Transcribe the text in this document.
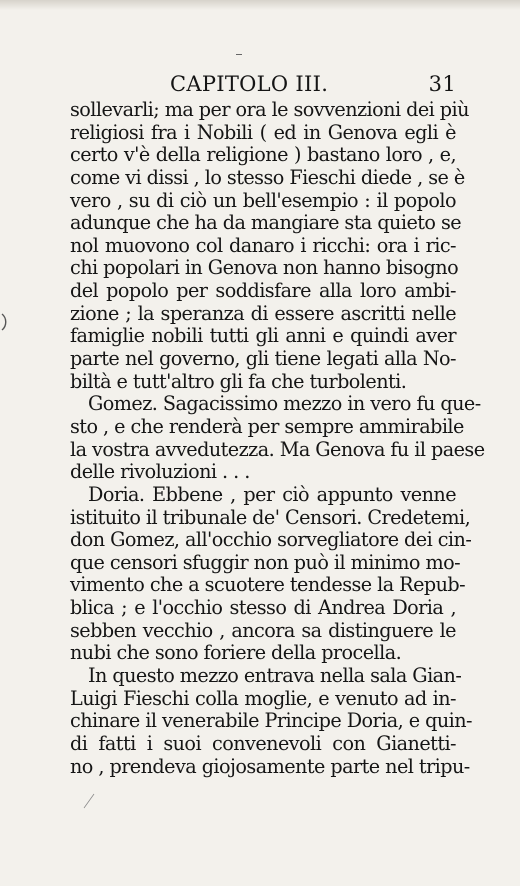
CAPITOLO III.	31
sollevarli; ma per ora le sovvenzioni dei più
religiosi fra i Nobili ( ed in Genova egli è
certo v'è della religione ) bastano loro , e,
come vi dissi , lo stesso Fieschi diede , se è
vero , su di ciò un bell'esempio : il popolo
adunque che ha da mangiare sta quieto se
nol muovono col danaro i ricchi: ora i ric-
chi popolari in Genova non hanno bisogno
del popolo per soddisfare alla loro ambi-
zione ; la speranza di essere ascritti nelle
famiglie nobili tutti gli anni e quindi aver
parte nel governo, gli tiene legati alla No-
biltà e tutt'altro gli fa che turbolenti.
Gomez. Sagacissimo mezzo in vero fu que-
sto , e che renderà per sempre ammirabile
la vostra avvedutezza. Ma Genova fu il paese
delle rivoluzioni . . .
Doria. Ebbene , per ciò appunto venne
istituito il tribunale de' Censori. Credetemi,
don Gomez, all'occhio sorvegliatore dei cin-
que censori sfuggir non può il minimo mo-
vimento che a scuotere tendesse la Repub-
blica ; e l'occhio stesso di Andrea Doria ,
sebben vecchio , ancora sa distinguere le
nubi che sono foriere della procella.
In questo mezzo entrava nella sala Gian-
Luigi Fieschi colla moglie, e venuto ad in-
chinare il venerabile Principe Doria, e quin-
di fatti i suoi convenevoli con Gianetti-
no , prendeva giojosamente parte nel tripu-
